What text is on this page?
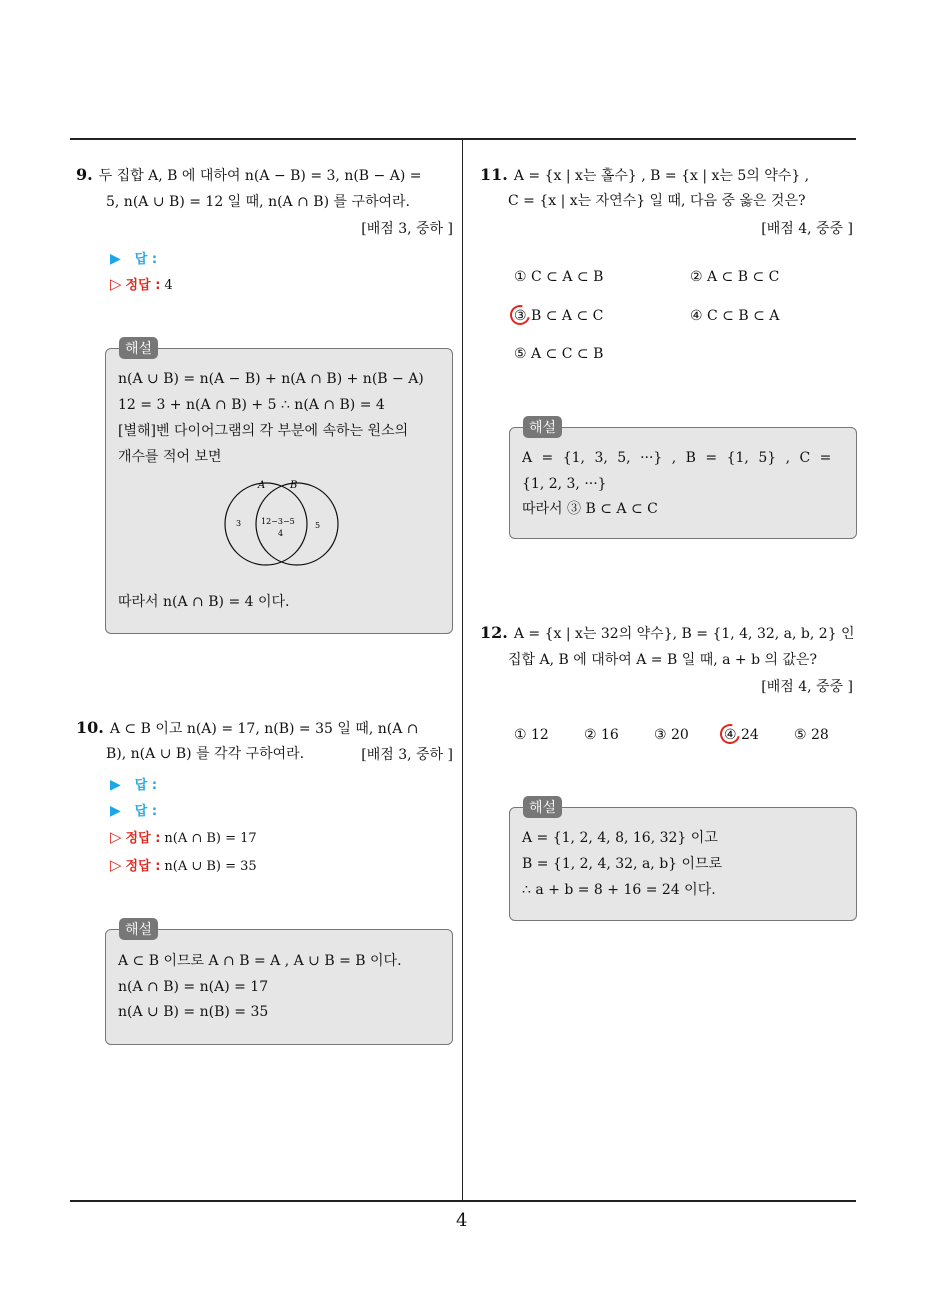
4
9. 두 집합 A, B 에 대하여 n(A − B) = 3, n(B − A) =
5, n(A ∪ B) = 12 일 때, n(A ∩ B) 를 구하여라.
[배점 3, 중하 ]
▶ 답 :
▷ 정답 : 4
해설
n(A ∪ B) = n(A − B) + n(A ∩ B) + n(B − A)
12 = 3 + n(A ∩ B) + 5 ∴ n(A ∩ B) = 4
[별해]벤 다이어그램의 각 부분에 속하는 원소의
개수를 적어 보면
A B
3 12−3−5
4
5
따라서 n(A ∩ B) = 4 이다.
10. A ⊂ B 이고 n(A) = 17, n(B) = 35 일 때, n(A ∩
B), n(A ∪ B) 를 각각 구하여라.	[배점 3, 중하 ]
▶ 답 :
▶ 답 :
▷ 정답 : n(A ∩ B) = 17
▷ 정답 : n(A ∪ B) = 35
해설
A ⊂ B 이므로 A ∩ B = A , A ∪ B = B 이다.
n(A ∩ B) = n(A) = 17
n(A ∪ B) = n(B) = 35
11. A = {x | x는 홀수} , B = {x | x는 5의 약수} ,
C = {x | x는 자연수} 일 때, 다음 중 옳은 것은?
[배점 4, 중중 ]
① C ⊂ A ⊂ B	② A ⊂ B ⊂ C
③ B ⊂ A ⊂ C	④ C ⊂ B ⊂ A
⑤ A ⊂ C ⊂ B
해설
A = {1, 3, 5, ···} , B = {1, 5} , C =
{1, 2, 3, ···}
따라서 ③ B ⊂ A ⊂ C
12. A = {x | x는 32의 약수}, B = {1, 4, 32, a, b, 2} 인
집합 A, B 에 대하여 A = B 일 때, a + b 의 값은?
[배점 4, 중중 ]
① 12	② 16	③ 20	④ 24	⑤ 28
해설
A = {1, 2, 4, 8, 16, 32} 이고
B = {1, 2, 4, 32, a, b} 이므로
∴ a + b = 8 + 16 = 24 이다.
